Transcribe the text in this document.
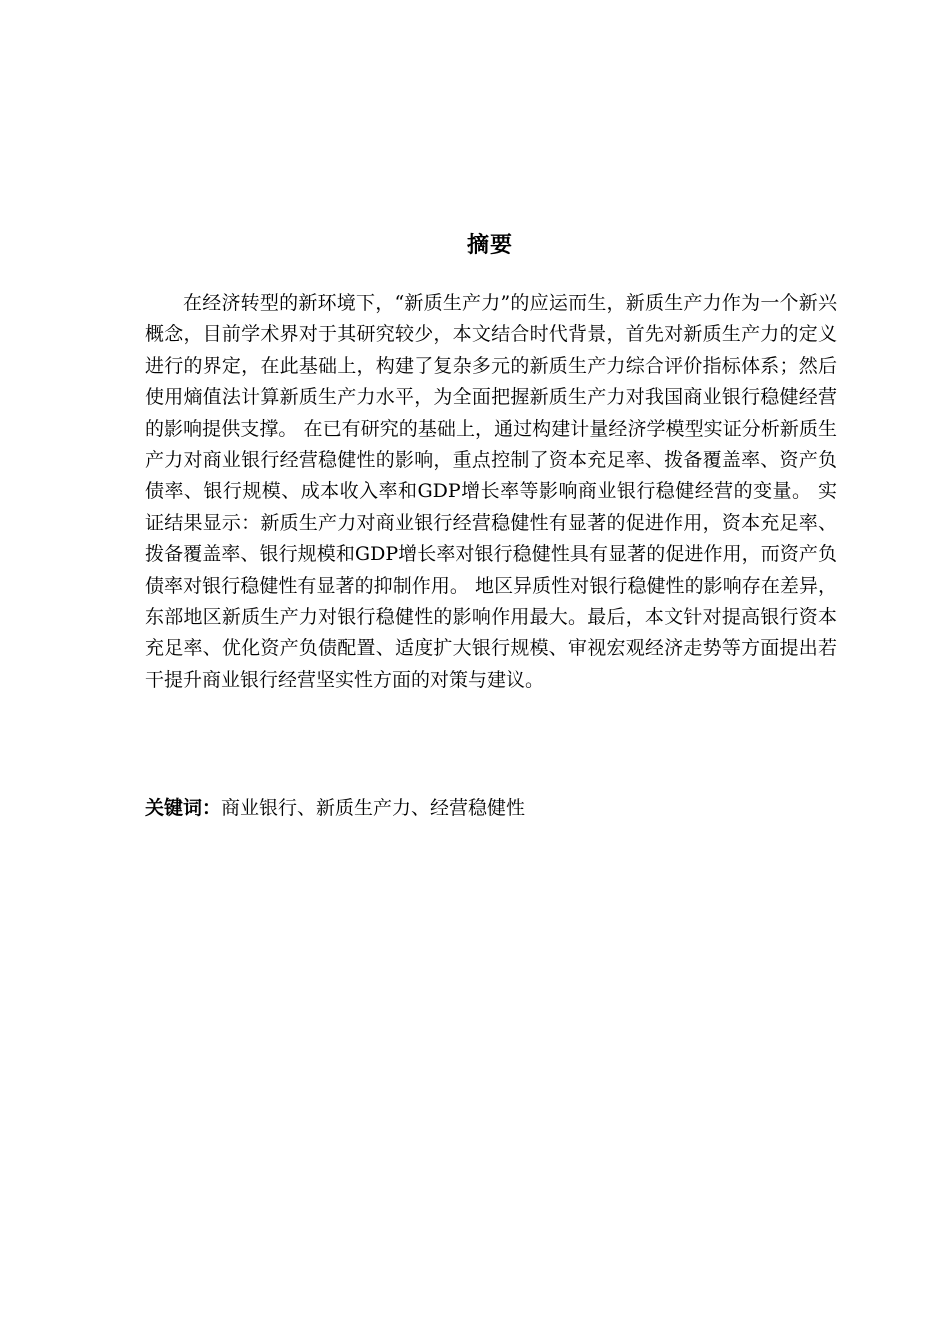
摘要

在经济转型的新环境下，“新质生产力”的应运而生，新质生产力作为一个新兴概念，目前学术界对于其研究较少，本文结合时代背景，首先对新质生产力的定义进行的界定，在此基础上，构建了复杂多元的新质生产力综合评价指标体系；然后使用熵值法计算新质生产力水平，为全面把握新质生产力对我国商业银行稳健经营的影响提供支撑。 在已有研究的基础上，通过构建计量经济学模型实证分析新质生产力对商业银行经营稳健性的影响，重点控制了资本充足率、拨备覆盖率、资产负债率、银行规模、成本收入率和GDP增长率等影响商业银行稳健经营的变量。 实证结果显示：新质生产力对商业银行经营稳健性有显著的促进作用，资本充足率、拨备覆盖率、银行规模和GDP增长率对银行稳健性具有显著的促进作用，而资产负债率对银行稳健性有显著的抑制作用。 地区异质性对银行稳健性的影响存在差异，东部地区新质生产力对银行稳健性的影响作用最大。最后，本文针对提高银行资本充足率、优化资产负债配置、适度扩大银行规模、审视宏观经济走势等方面提出若干提升商业银行经营坚实性方面的对策与建议。

关键词：商业银行、新质生产力、经营稳健性
